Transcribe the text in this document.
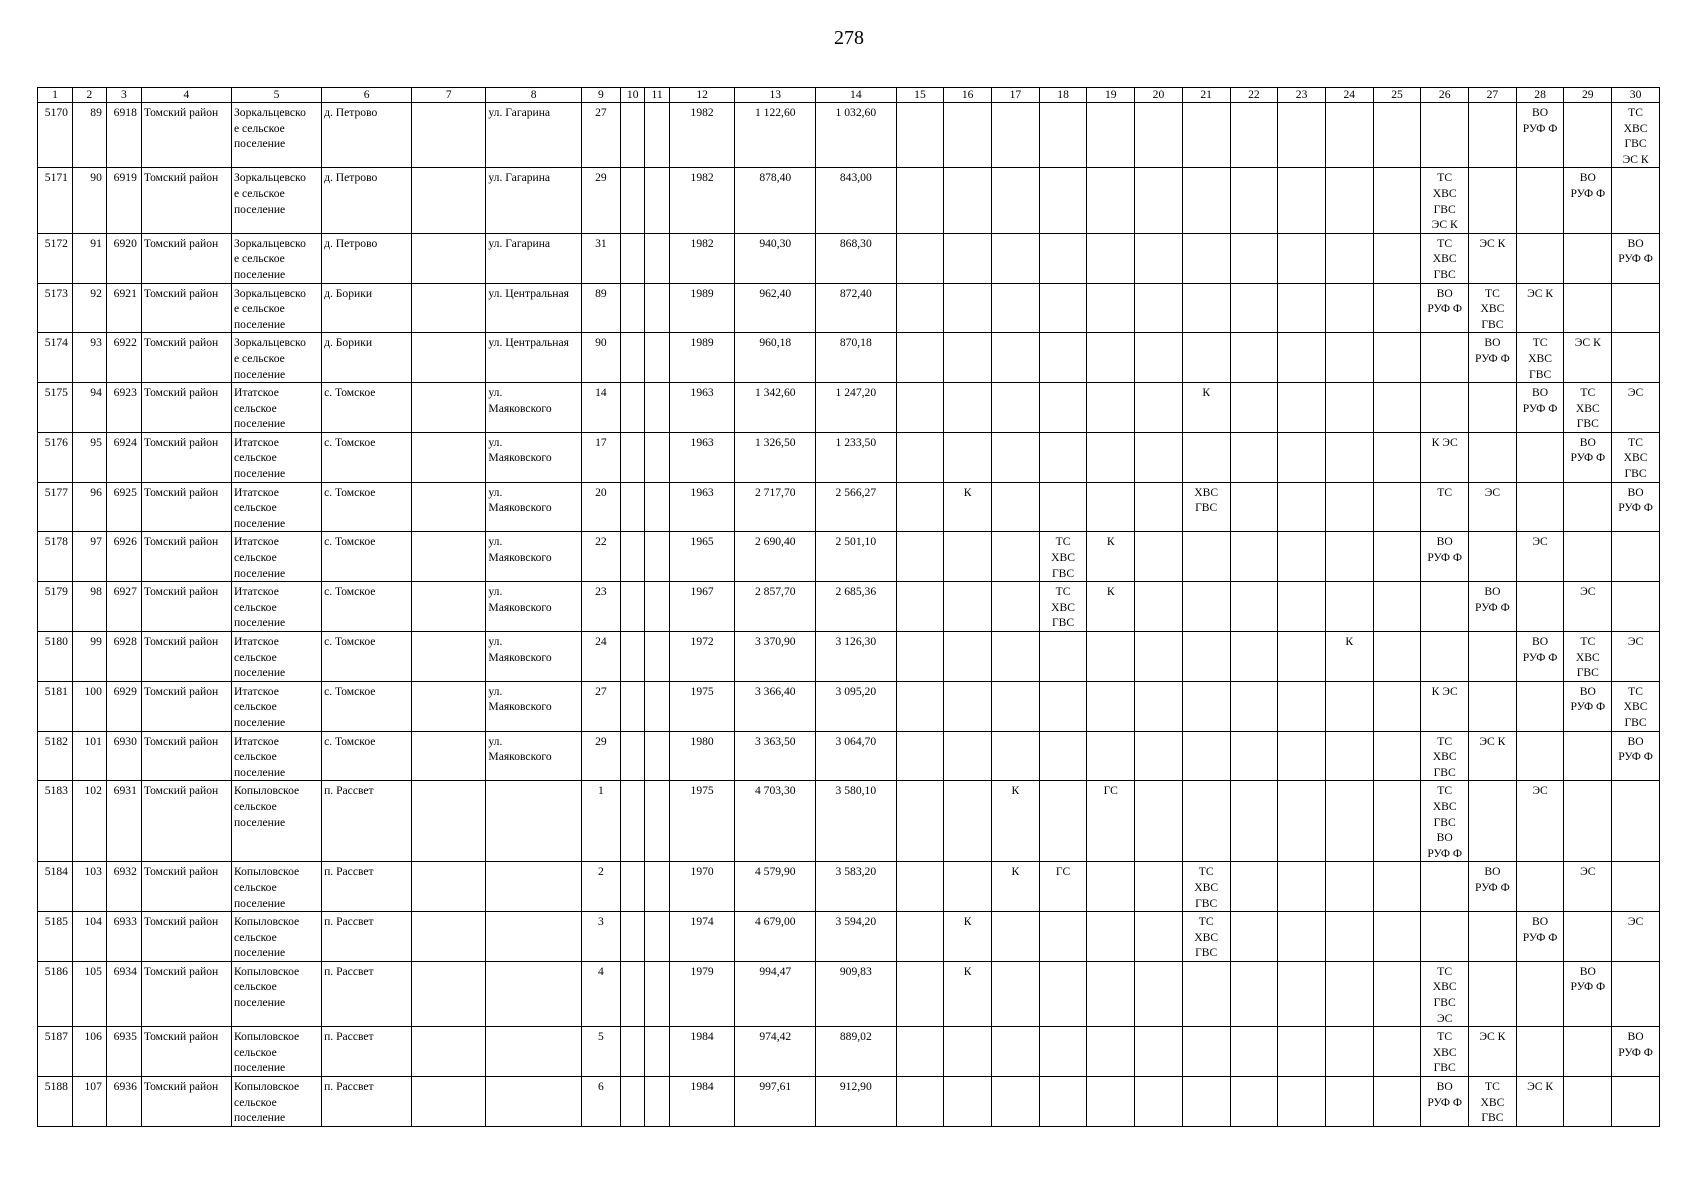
278
1	2	3	4	5	6	7	8	9	10	11	12	13	14	15	16	17	18	19	20	21	22	23	24	25	26	27	28	29	30
5170	89	6918	Томский район	Зоркальцевско
е сельское
поселение	д. Петрово		ул. Гагарина	27			1982	1 122,60	1 032,60														ВО
РУФ Ф		ТС
ХВС
ГВС
ЭС К

5171	90	6919	Томский район	Зоркальцевско
е сельское
поселение	д. Петрово		ул. Гагарина	29			1982	878,40	843,00												ТС
ХВС
ГВС
ЭС К			ВО
РУФ Ф	

5172	91	6920	Томский район	Зоркальцевско
е сельское
поселение	д. Петрово		ул. Гагарина	31			1982	940,30	868,30												ТС
ХВС
ГВС	ЭС К			ВО
РУФ Ф

5173	92	6921	Томский район	Зоркальцевско
е сельское
поселение	д. Борики		ул. Центральная	89			1989	962,40	872,40												ВО
РУФ Ф	ТС
ХВС
ГВС	ЭС К		

5174	93	6922	Томский район	Зоркальцевско
е сельское
поселение	д. Борики		ул. Центральная	90			1989	960,18	870,18													ВО
РУФ Ф	ТС
ХВС
ГВС	ЭС К	

5175	94	6923	Томский район	Итатское
сельское
поселение	с. Томское		ул.
Маяковского	14			1963	1 342,60	1 247,20							К							ВО
РУФ Ф	ТС
ХВС
ГВС	ЭС

5176	95	6924	Томский район	Итатское
сельское
поселение	с. Томское		ул.
Маяковского	17			1963	1 326,50	1 233,50												К ЭС			ВО
РУФ Ф	ТС
ХВС
ГВС

5177	96	6925	Томский район	Итатское
сельское
поселение	с. Томское		ул.
Маяковского	20			1963	2 717,70	2 566,27		К					ХВС
ГВС					ТС	ЭС			ВО
РУФ Ф

5178	97	6926	Томский район	Итатское
сельское
поселение	с. Томское		ул.
Маяковского	22			1965	2 690,40	2 501,10				ТС
ХВС
ГВС	К							ВО
РУФ Ф		ЭС		

5179	98	6927	Томский район	Итатское
сельское
поселение	с. Томское		ул.
Маяковского	23			1967	2 857,70	2 685,36				ТС
ХВС
ГВС	К								ВО
РУФ Ф		ЭС	

5180	99	6928	Томский район	Итатское
сельское
поселение	с. Томское		ул.
Маяковского	24			1972	3 370,90	3 126,30										К				ВО
РУФ Ф	ТС
ХВС
ГВС	ЭС

5181	100	6929	Томский район	Итатское
сельское
поселение	с. Томское		ул.
Маяковского	27			1975	3 366,40	3 095,20												К ЭС			ВО
РУФ Ф	ТС
ХВС
ГВС

5182	101	6930	Томский район	Итатское
сельское
поселение	с. Томское		ул.
Маяковского	29			1980	3 363,50	3 064,70												ТС
ХВС
ГВС	ЭС К			ВО
РУФ Ф

5183	102	6931	Томский район	Копыловское
сельское
поселение	п. Рассвет			1			1975	4 703,30	3 580,10			К		ГС							ТС
ХВС
ГВС
ВО
РУФ Ф		ЭС		

5184	103	6932	Томский район	Копыловское
сельское
поселение	п. Рассвет			2			1970	4 579,90	3 583,20			К	ГС			ТС
ХВС
ГВС						ВО
РУФ Ф		ЭС	

5185	104	6933	Томский район	Копыловское
сельское
поселение	п. Рассвет			3			1974	4 679,00	3 594,20		К					ТС
ХВС
ГВС							ВО
РУФ Ф		ЭС

5186	105	6934	Томский район	Копыловское
сельское
поселение	п. Рассвет			4			1979	994,47	909,83		К										ТС
ХВС
ГВС
ЭС			ВО
РУФ Ф	

5187	106	6935	Томский район	Копыловское
сельское
поселение	п. Рассвет			5			1984	974,42	889,02												ТС
ХВС
ГВС	ЭС К			ВО
РУФ Ф

5188	107	6936	Томский район	Копыловское
сельское
поселение	п. Рассвет			6			1984	997,61	912,90												ВО
РУФ Ф	ТС
ХВС
ГВС	ЭС К		
